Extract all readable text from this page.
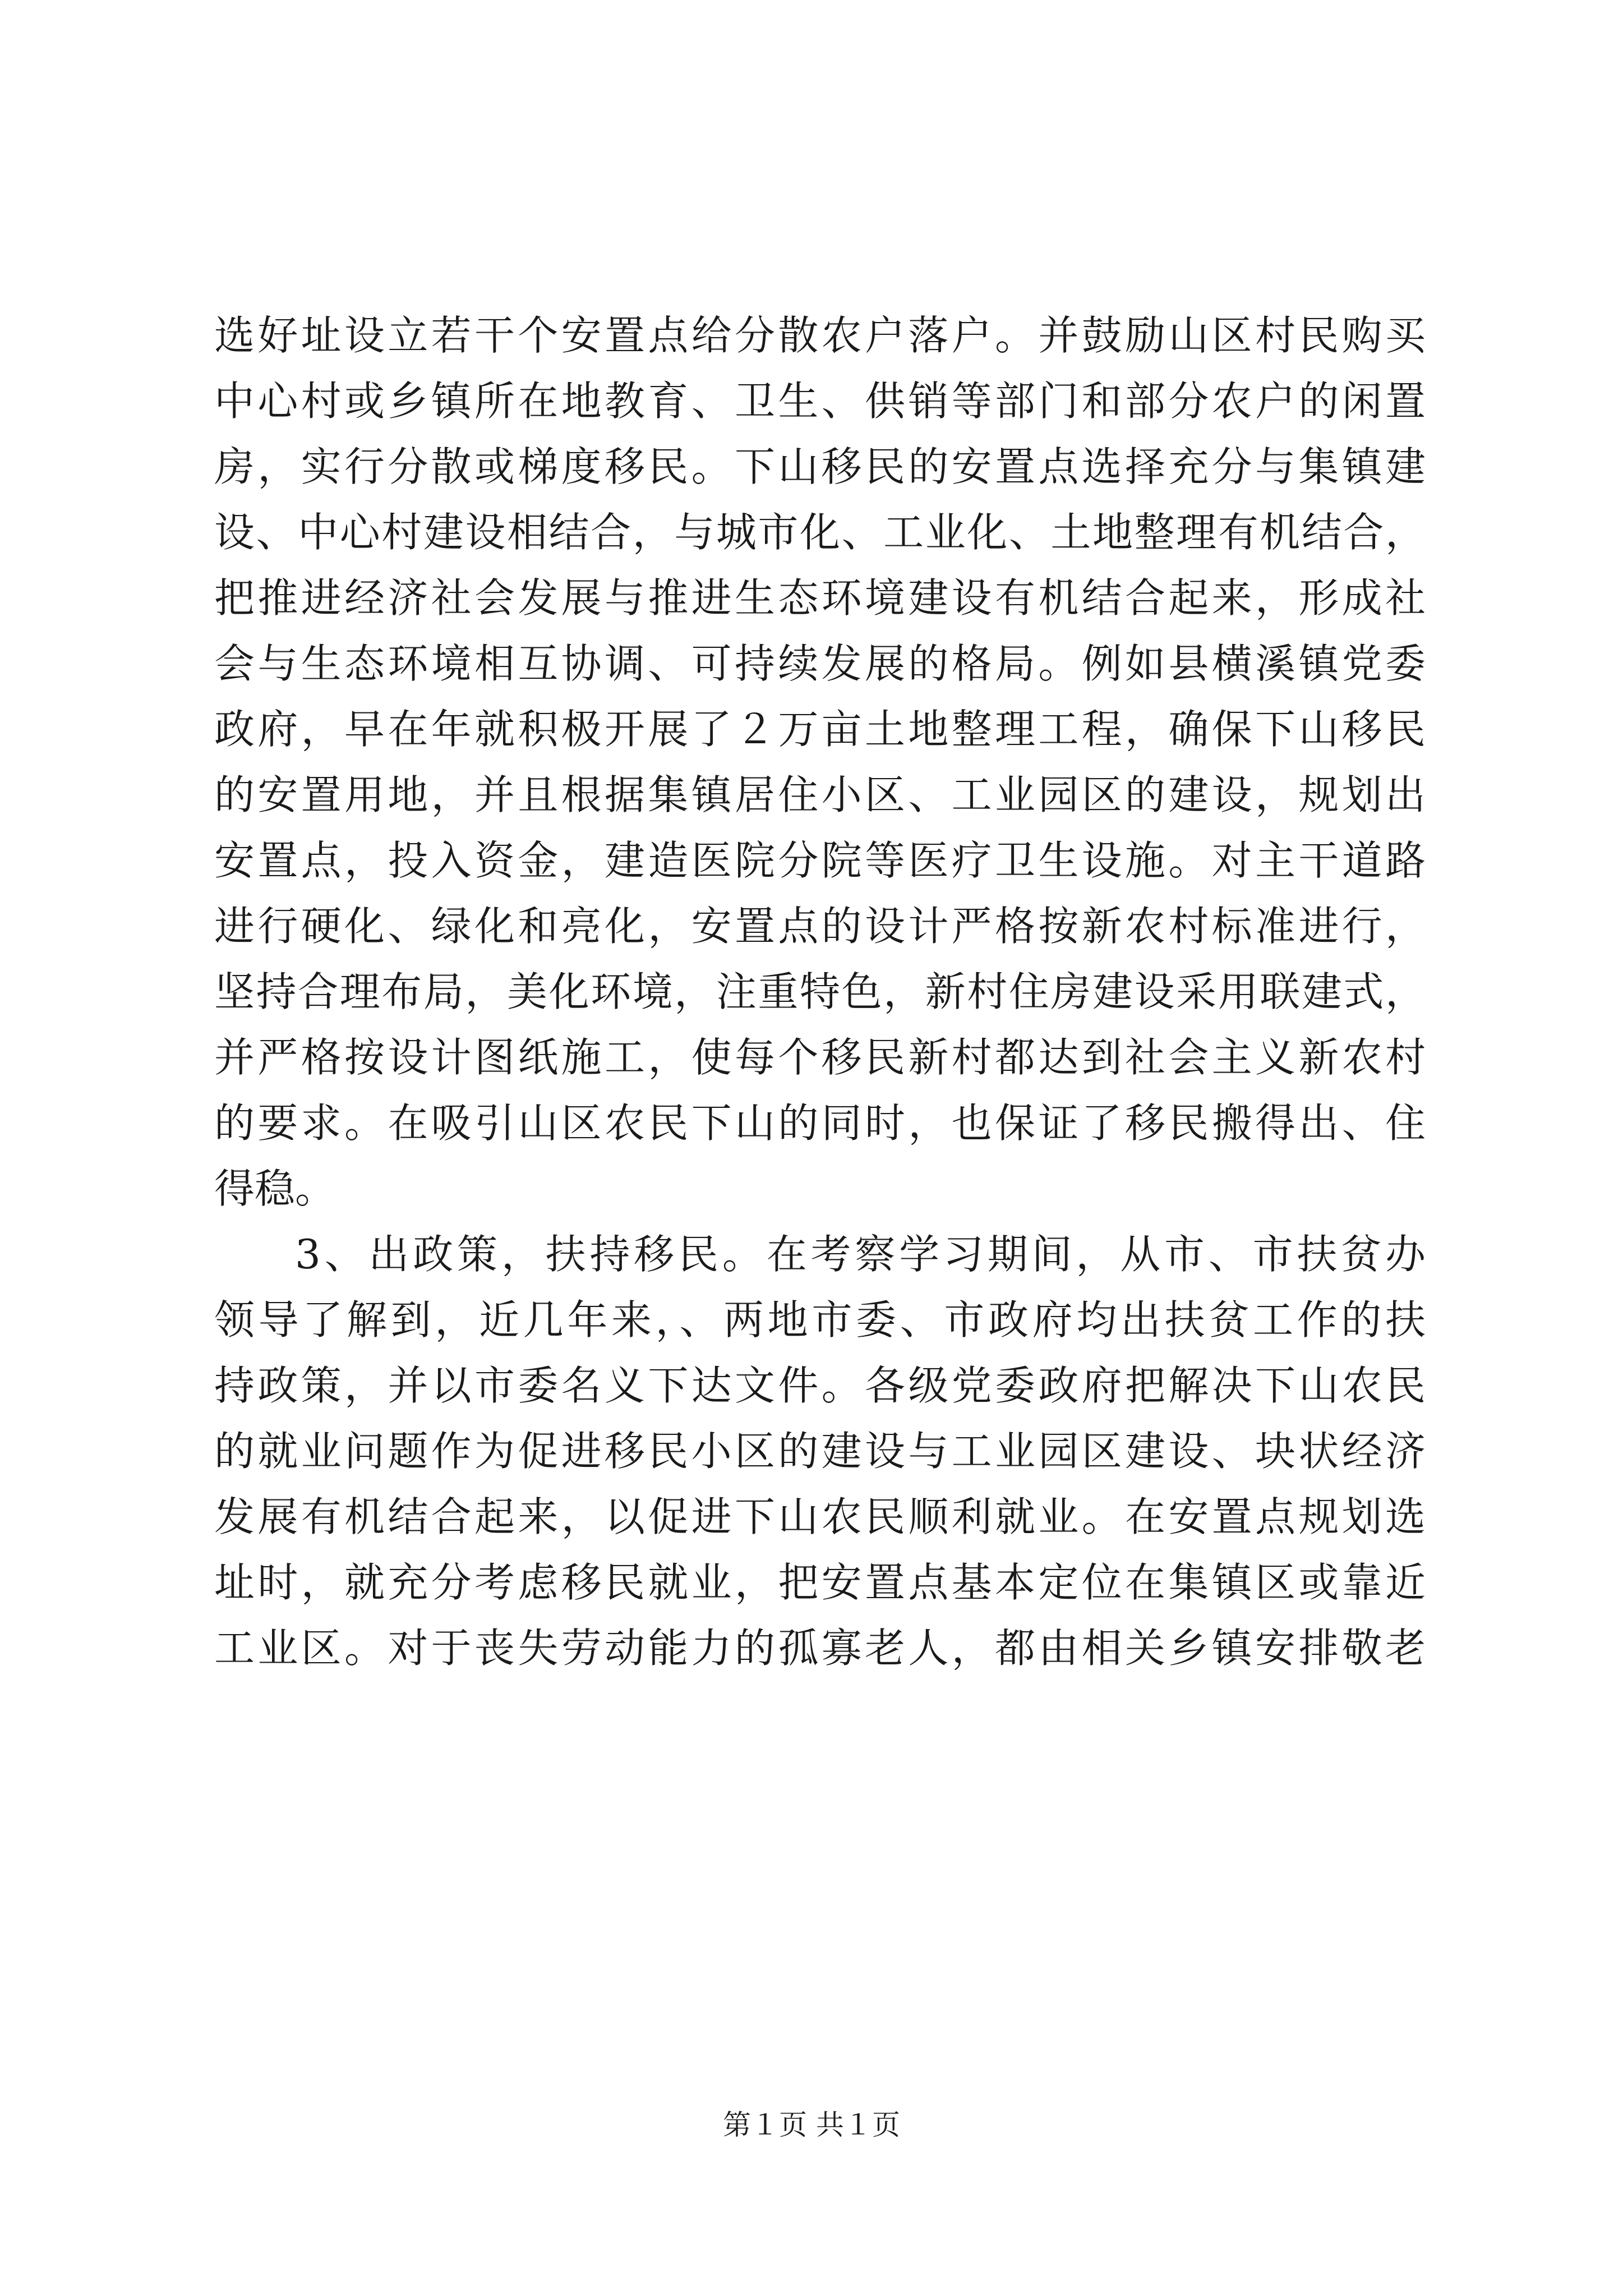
选好址设立若干个安置点给分散农户落户。并鼓励山区村民购买
中心村或乡镇所在地教育、卫生、供销等部门和部分农户的闲置
房，实行分散或梯度移民。下山移民的安置点选择充分与集镇建
设、中心村建设相结合，与城市化、工业化、土地整理有机结合，
把推进经济社会发展与推进生态环境建设有机结合起来，形成社
会与生态环境相互协调、可持续发展的格局。例如县横溪镇党委
政府，早在年就积极开展了２万亩土地整理工程，确保下山移民
的安置用地，并且根据集镇居住小区、工业园区的建设，规划出
安置点，投入资金，建造医院分院等医疗卫生设施。对主干道路
进行硬化、绿化和亮化，安置点的设计严格按新农村标准进行，
坚持合理布局，美化环境，注重特色，新村住房建设采用联建式，
并严格按设计图纸施工，使每个移民新村都达到社会主义新农村
的要求。在吸引山区农民下山的同时，也保证了移民搬得出、住
得稳。
3、出政策，扶持移民。在考察学习期间，从市、市扶贫办
领导了解到，近几年来，、两地市委、市政府均出扶贫工作的扶
持政策，并以市委名义下达文件。各级党委政府把解决下山农民
的就业问题作为促进移民小区的建设与工业园区建设、块状经济
发展有机结合起来，以促进下山农民顺利就业。在安置点规划选
址时，就充分考虑移民就业，把安置点基本定位在集镇区或靠近
工业区。对于丧失劳动能力的孤寡老人，都由相关乡镇安排敬老
第１页 共１页
